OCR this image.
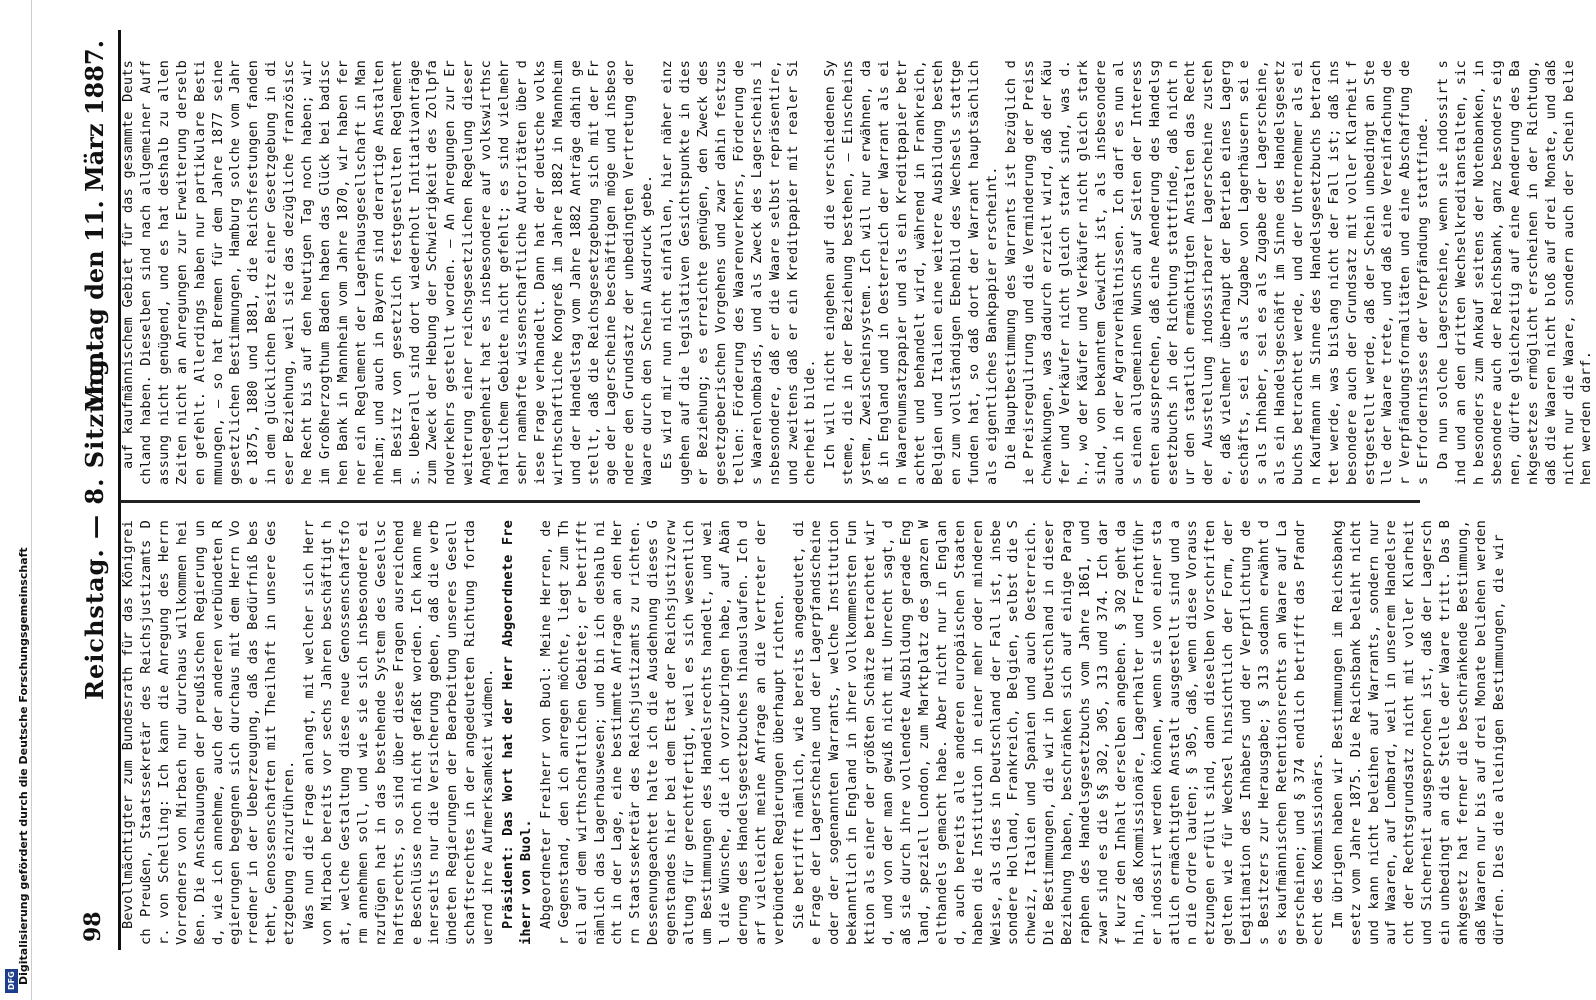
DFG Digitalisierung gefördert durch die Deutsche Forschungsgemeinschaft 98
Reichstag. — 8. Sitzung.
Montag den 11. März 1887.

Bevollmächtigter zum Bundesrath für das Königreich Preußen, Staatssekretär des Reichsjustizamts Dr. von Schelling: Ich kann die Anregung des Herrn Vorredners von Mirbach nur durchaus willkommen heißen. Die Anschauungen der preußischen Regierung und, wie ich annehme, auch der anderen verbündeten Regierungen begegnen sich durchaus mit dem Herrn Vorredner in der Ueberzeugung, daß das Bedürfniß besteht, Genossenschaften mit Theilhaft in unsere Gesetzgebung einzuführen. Was nun die Frage anlangt, mit welcher sich Herr von Mirbach bereits vor sechs Jahren beschäftigt hat, welche Gestaltung diese neue Genossenschaftsform annehmen soll, und wie sie sich insbesondere einzufügen hat in das bestehende System des Gesellschaftsrechts, so sind über diese Fragen ausreichende Beschlüsse noch nicht gefaßt worden. Ich kann meinerseits nur die Versicherung geben, daß die verbündeten Regierungen der Bearbeitung unseres Gesellschaftsrechtes in der angedeuteten Richtung fortdauernd ihre Aufmerksamkeit widmen. Präsident: Das Wort hat der Herr Abgeordnete Freiherr von Buol. Abgeordneter Freiherr von Buol: Meine Herren, der Gegenstand, den ich anregen möchte, liegt zum Theil auf dem wirthschaftlichen Gebiete; er betrifft nämlich das Lagerhauswesen; und bin ich deshalb nicht in der Lage, eine bestimmte Anfrage an den Herrn Staatssekretär des Reichsjustizamts zu richten. Dessenungeachtet halte ich die Ausdehnung dieses Gegenstandes hier bei dem Etat der Reichsjustizverwaltung für gerechtfertigt, weil es sich wesentlich um Bestimmungen des Handelsrechts handelt, und weil die Wünsche, die ich vorzubringen habe, auf Abänderung des Handelsgesetzbuches hinauslaufen. Ich darf vielleicht meine Anfrage an die Vertreter der verbündeten Regierungen überhaupt richten. Sie betrifft nämlich, wie bereits angedeutet, die Frage der Lagerscheine und der Lagerpfandscheine oder der sogenannten Warrants, welche Institution bekanntlich in England in ihrer vollkommensten Funktion als einer der größten Schätze betrachtet wird, und von der man gewiß nicht mit Unrecht sagt, daß sie durch ihre vollendete Ausbildung gerade England, speziell London, zum Marktplatz des ganzen Welthandels gemacht habe. Aber nicht nur in England, auch bereits alle anderen europäischen Staaten haben die Institution in einer mehr oder minderen Weise, als dies in Deutschland der Fall ist, insbesondere Holland, Frankreich, Belgien, selbst die Schweiz, Italien und Spanien und auch Oesterreich. Die Bestimmungen, die wir in Deutschland in dieser Beziehung haben, beschränken sich auf einige Paragraphen des Handelsgesetzbuchs vom Jahre 1861, und zwar sind es die §§ 302, 305, 313 und 374. Ich darf kurz den Inhalt derselben angeben. § 302 geht dahin, daß Kommissionäre, Lagerhalter und Frachtführer indossirt werden können, wenn sie von einer staatlich ermächtigten Anstalt ausgestellt sind und an die Ordre lauten; § 305, daß, wenn diese Voraussetzungen erfüllt sind, dann dieselben Vorschriften gelten wie für Wechsel hinsichtlich der Form, der Legitimation des Inhabers und der Verpflichtung des Besitzers zur Herausgabe; § 313 sodann erwähnt des kaufmännischen Retentionsrechts an Waare auf Lagerscheinen; und § 374 endlich betrifft das Pfandrecht des Kommissionärs. Im übrigen haben wir Bestimmungen im Reichsbankgesetz vom Jahre 1875. Die Reichsbank beleiht nicht und kann nicht beleihen auf Warrants, sondern nur auf Waaren, auf Lombard, weil in unserem Handelsrecht der Rechtsgrundsatz nicht mit voller Klarheit und Sicherheit ausgesprochen ist, daß der Lagerschein unbedingt an die Stelle der Waare tritt. Das Bankgesetz hat ferner die beschränkende Bestimmung, daß Waaren nur bis auf drei Monate beliehen werden dürfen. Dies die alleinigen Bestimmungen, die wir

auf kaufmännischem Gebiet für das gesammte Deutschland haben. Dieselben sind nach allgemeiner Auffassung nicht genügend, und es hat deshalb zu allen Zeiten nicht an Anregungen zur Erweiterung derselben gefehlt. Allerdings haben nur partikulare Bestimmungen, — so hat Bremen für dem Jahre 1877 seine gesetzlichen Bestimmungen, Hamburg solche vom Jahre 1875, 1880 und 1881, die Reichsfestungen fanden in dem glücklichen Besitz einer Gesetzgebung in dieser Beziehung, weil sie das dezügliche französische Recht bis auf den heutigen Tag noch haben; wir im Großherzogthum Baden haben das Glück bei badischen Bank in Mannheim vom Jahre 1870, wir haben ferner ein Reglement der Lagerhausgesellschaft in Mannheim; und auch in Bayern sind derartige Anstalten im Besitz von gesetzlich festgestellten Reglements. Ueberall sind dort wiederholt Initiativanträge zum Zweck der Hebung der Schwierigkeit des Zollpfandverkehrs gestellt worden. — An Anregungen zur Erweiterung einer reichsgesetzlichen Regelung dieser Angelegenheit hat es insbesondere auf volkswirthschaftlichem Gebiete nicht gefehlt; es sind vielmehr sehr namhafte wissenschaftliche Autoritäten über diese Frage verhandelt. Dann hat der deutsche volkswirthschaftliche Kongreß im Jahre 1882 in Mannheim und der Handelstag vom Jahre 1882 Anträge dahin gestellt, daß die Reichsgesetzgebung sich mit der Frage der Lagerscheine beschäftigen möge und insbesondere den Grundsatz der unbedingten Vertretung der Waare durch den Schein Ausdruck gebe. Es wird mir nun nicht einfallen, hier näher einzugehen auf die legislativen Gesichtspunkte in dieser Beziehung; es erreichte genügen, den Zweck des gesetzgeberischen Vorgehens und zwar dahin festzustellen: Förderung des Waarenverkehrs, Förderung des Waarenlombards, und als Zweck des Lagerscheins insbesondere, daß er die Waare selbst repräsentire, und zweitens daß er ein Kreditpapier mit realer Sicherheit bilde. Ich will nicht eingehen auf die verschiedenen Systeme, die in der Beziehung bestehen, — Einscheinsystem, Zweischeinsystem. Ich will nur erwähnen, daß in England und in Oesterreich der Warrant als ein Waarenumsatzpapier und als ein Kreditpapier betrachtet und behandelt wird, während in Frankreich, Belgien und Italien eine weitere Ausbildung bestehen zum vollständigen Ebenbild des Wechsels stattgefunden hat, so daß dort der Warrant hauptsächlich als eigentliches Bankpapier erscheint. Die Hauptbestimmung des Warrants ist bezüglich die Preisregulirung und die Verminderung der Preisschwankungen, was dadurch erzielt wird, daß der Käufer und Verkäufer nicht gleich stark sind, was d. h., wo der Käufer und Verkäufer nicht gleich stark sind, von bekanntem Gewicht ist, als insbesondere auch in der Agrarverhältnissen. Ich darf es nun als einen allgemeinen Wunsch auf Seiten der Interessenten aussprechen, daß eine Aenderung des Handelsgesetzbuchs in der Richtung stattfinde, daß nicht nur den staatlich ermächtigten Anstalten das Recht der Ausstellung indossirbarer Lagerscheine zustehe, daß vielmehr überhaupt der Betrieb eines Lagergeschäfts, sei es als Zugabe von Lagerhäusern sei es als Inhaber, sei es als Zugabe der Lagerscheine, als ein Handelsgeschäft im Sinne des Handelsgesetzbuchs betrachtet werde, und der Unternehmer als ein Kaufmann im Sinne des Handelsgesetzbuchs betrachtet werde, was bislang nicht der Fall ist; daß insbesondere auch der Grundsatz mit voller Klarheit festgestellt werde, daß der Schein unbedingt an Stelle der Waare trete, und daß eine Vereinfachung der Verpfändungsformalitäten und eine Abschaffung des Erfordernisses der Verpfändung stattfinde. Da nun solche Lagerscheine, wenn sie indossirt sind und an den dritten Wechselkreditanstalten, sich besonders zum Ankauf seitens der Notenbanken, insbesondere auch der Reichsbank, ganz besonders eignen, dürfte gleichzeitig auf eine Aenderung des Bankgesetzes ermöglicht erscheinen in der Richtung, daß die Waaren nicht bloß auf drei Monate, und daß nicht nur die Waare, sondern auch der Schein beliehen werden darf.
